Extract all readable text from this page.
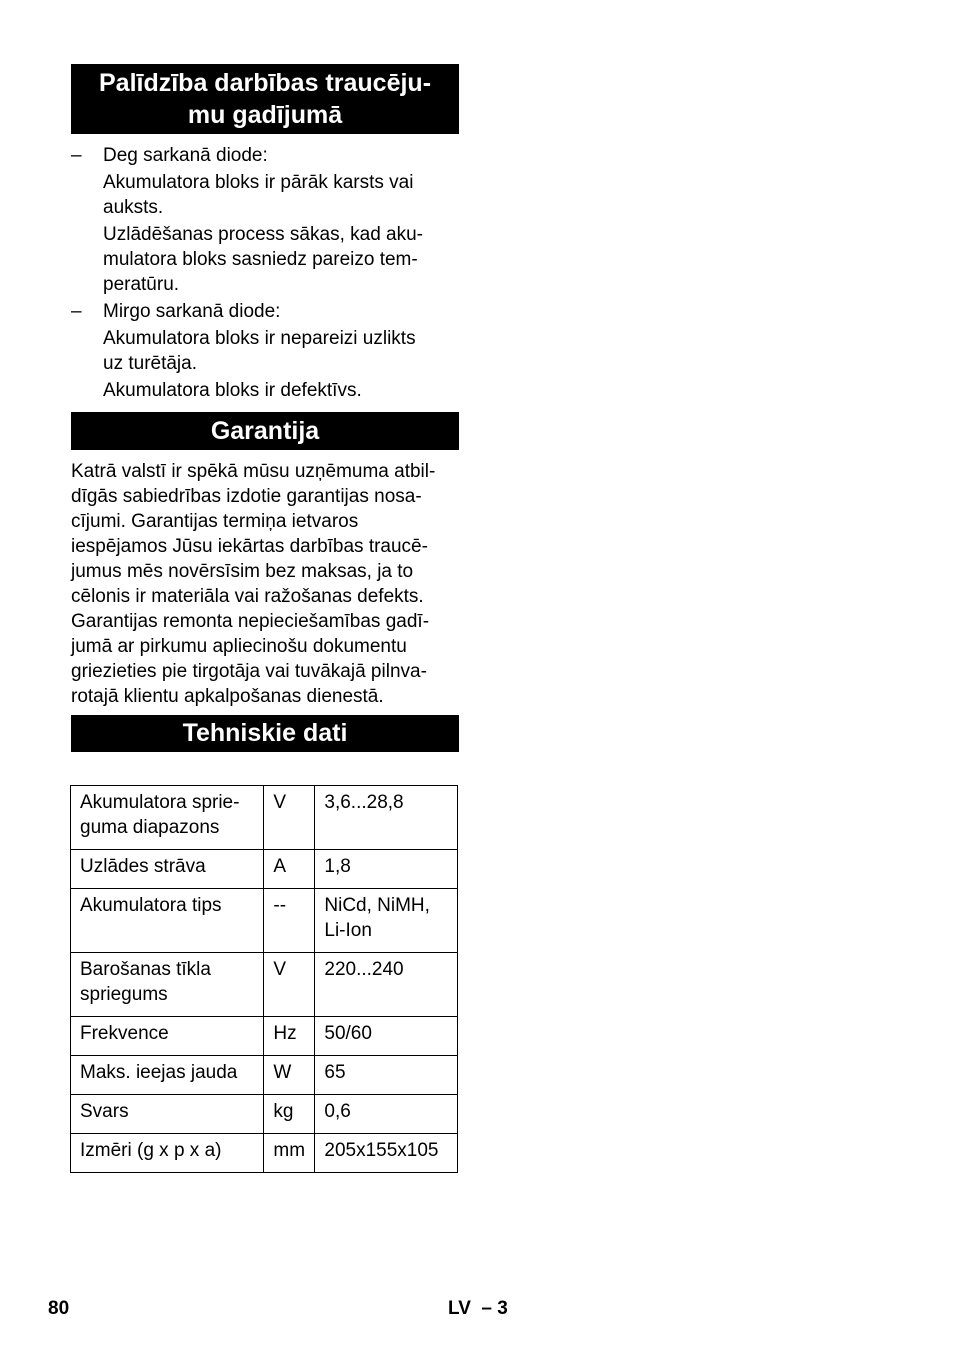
Palīdzība darbības traucēju-
mu gadījumā
– Deg sarkanā diode:
Akumulatora bloks ir pārāk karsts vai
auksts.
Uzlādēšanas process sākas, kad aku-
mulatora bloks sasniedz pareizo tem-
peratūru.
– Mirgo sarkanā diode:
Akumulatora bloks ir nepareizi uzlikts
uz turētāja.
Akumulatora bloks ir defektīvs.
Garantija
Katrā valstī ir spēkā mūsu uzņēmuma atbil-
dīgās sabiedrības izdotie garantijas nosa-
cījumi. Garantijas termiņa ietvaros
iespējamos Jūsu iekārtas darbības traucē-
jumus mēs novērsīsim bez maksas, ja to
cēlonis ir materiāla vai ražošanas defekts.
Garantijas remonta nepieciešamības gadī-
jumā ar pirkumu apliecinošu dokumentu
griezieties pie tirgotāja vai tuvākajā pilnva-
rotajā klientu apkalpošanas dienestā.
Tehniskie dati
Akumulatora sprie-
guma diapazons	V	3,6...28,8

Uzlādes strāva	A	1,8

Akumulatora tips	--	NiCd, NiMH,
Li-Ion

Barošanas tīkla
spriegums	V	220...240

Frekvence	Hz	50/60

Maks. ieejas jauda	W	65

Svars	kg	0,6

Izmēri (g x p x a)	mm	205x155x105
80	LV  – 3
